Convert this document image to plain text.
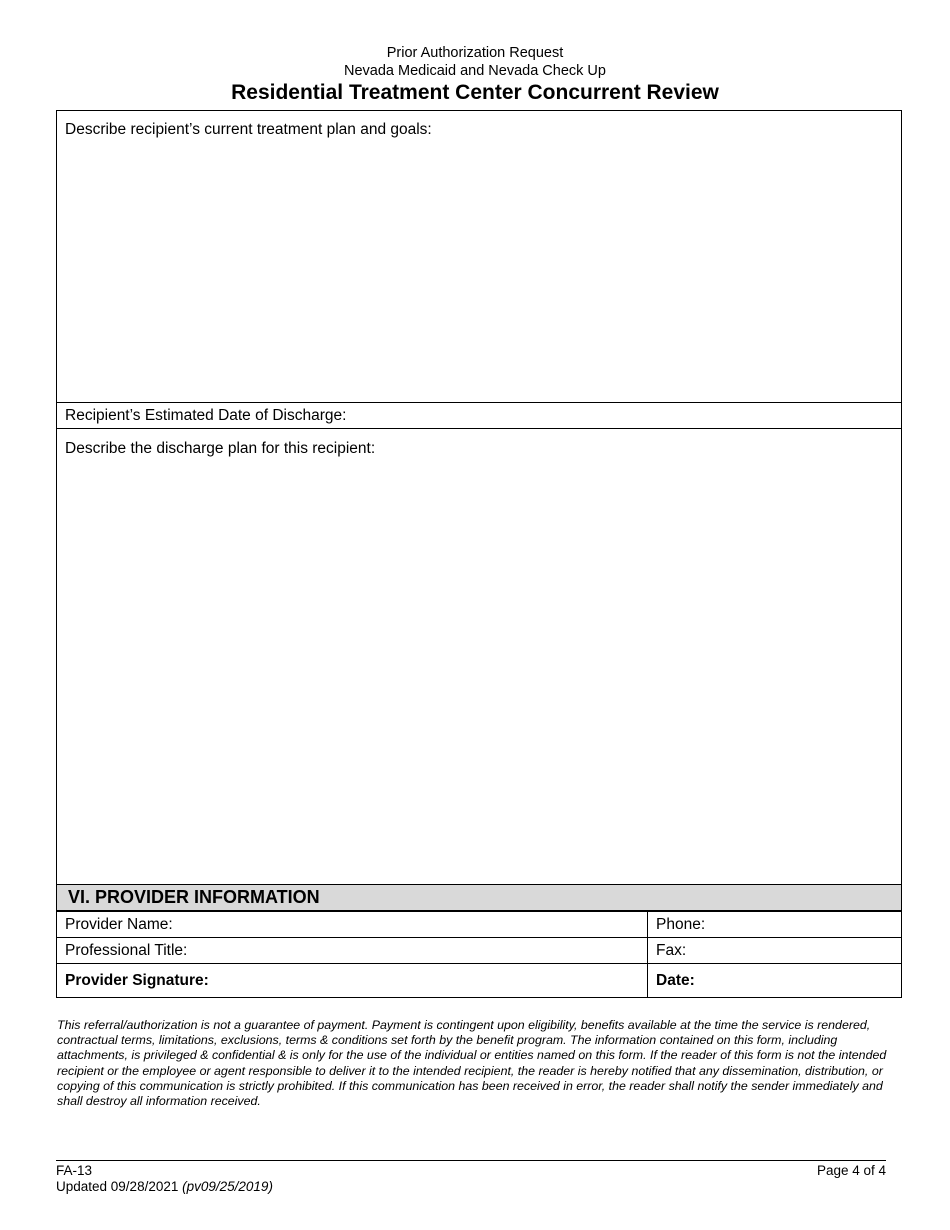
Prior Authorization Request
Nevada Medicaid and Nevada Check Up
Residential Treatment Center Concurrent Review
Describe recipient’s current treatment plan and goals:
Recipient’s Estimated Date of Discharge:
Describe the discharge plan for this recipient:
VI. PROVIDER INFORMATION
Provider Name:	Phone:
Professional Title:	Fax:
Provider Signature:	Date:
This referral/authorization is not a guarantee of payment. Payment is contingent upon eligibility, benefits available at the time the service is rendered, contractual terms, limitations, exclusions, terms & conditions set forth by the benefit program. The information contained on this form, including attachments, is privileged & confidential & is only for the use of the individual or entities named on this form. If the reader of this form is not the intended recipient or the employee or agent responsible to deliver it to the intended recipient, the reader is hereby notified that any dissemination, distribution, or copying of this communication is strictly prohibited. If this communication has been received in error, the reader shall notify the sender immediately and shall destroy all information received.
FA-13
Updated 09/28/2021 (pv09/25/2019)
Page 4 of 4
